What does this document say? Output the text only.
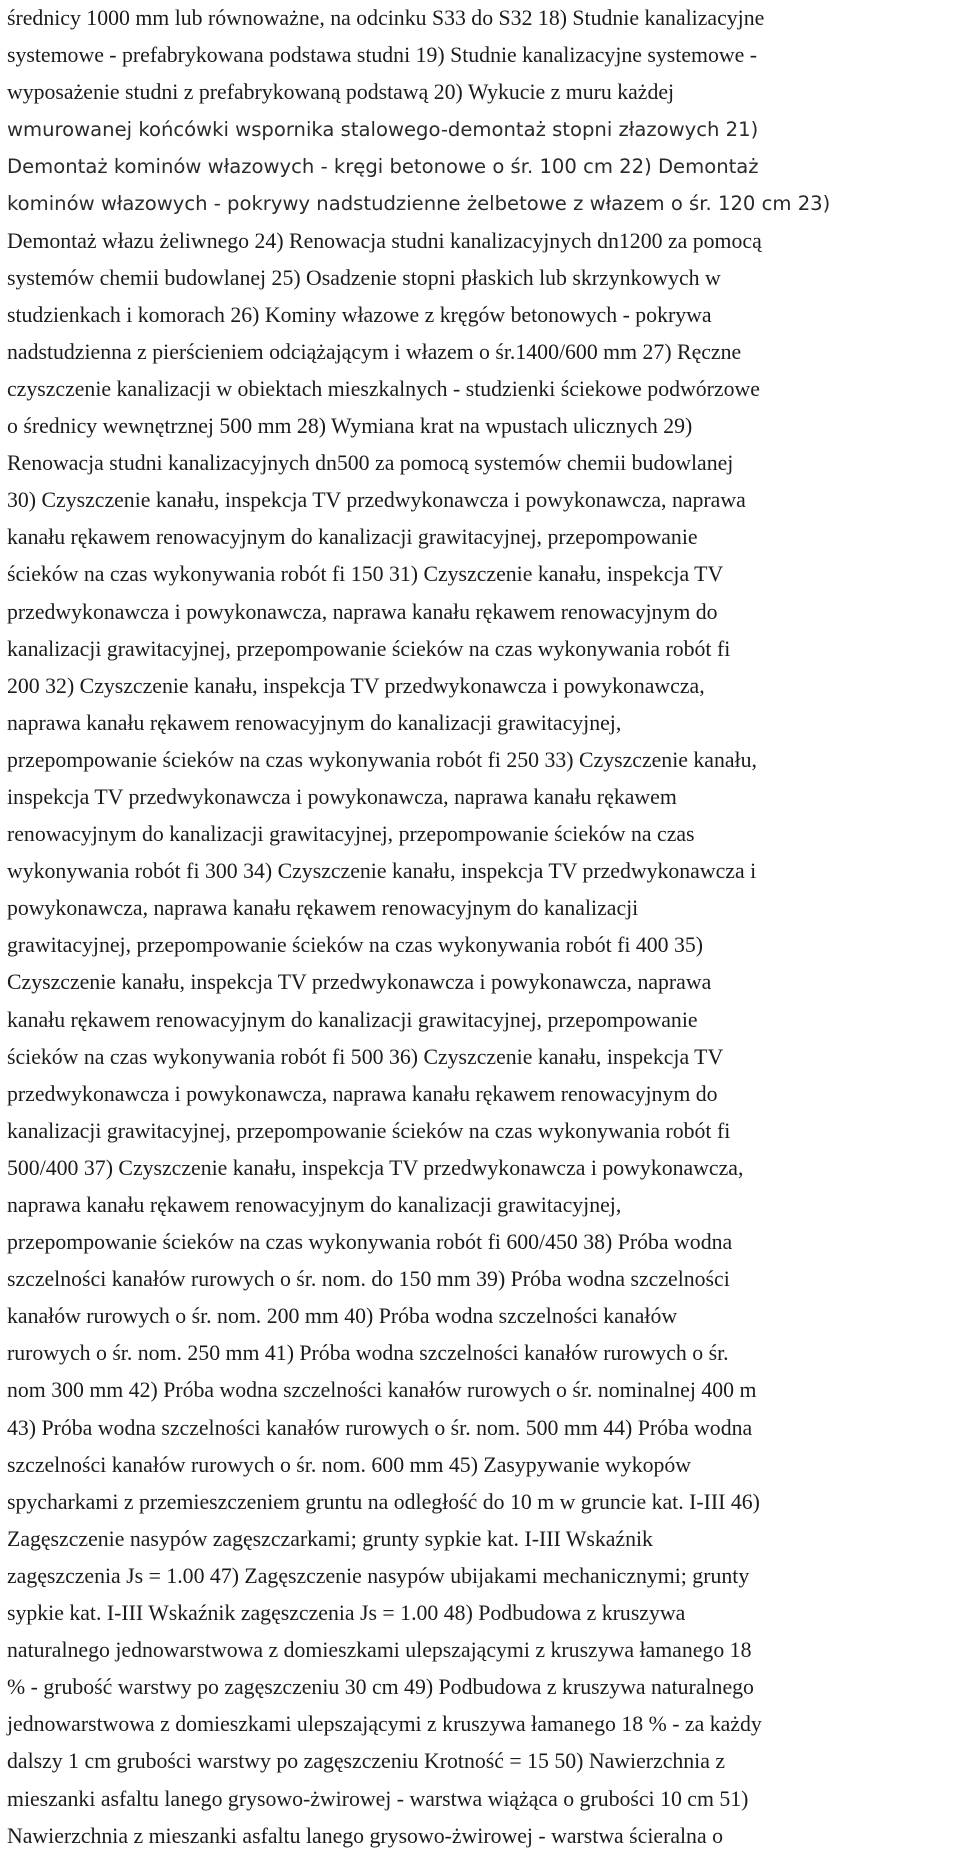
średnicy 1000 mm lub równoważne, na odcinku S33 do S32 18) Studnie kanalizacyjne
systemowe - prefabrykowana podstawa studni 19) Studnie kanalizacyjne systemowe -
wyposażenie studni z prefabrykowaną podstawą 20) Wykucie z muru każdej
wmurowanej końcówki wspornika stalowego-demontaż stopni złazowych 21)
Demontaż kominów włazowych - kręgi betonowe o śr. 100 cm 22) Demontaż
kominów włazowych - pokrywy nadstudzienne żelbetowe z włazem o śr. 120 cm 23)
Demontaż włazu żeliwnego 24) Renowacja studni kanalizacyjnych dn1200 za pomocą
systemów chemii budowlanej 25) Osadzenie stopni płaskich lub skrzynkowych w
studzienkach i komorach 26) Kominy włazowe z kręgów betonowych - pokrywa
nadstudzienna z pierścieniem odciążającym i włazem o śr.1400/600 mm 27) Ręczne
czyszczenie kanalizacji w obiektach mieszkalnych - studzienki ściekowe podwórzowe
o średnicy wewnętrznej 500 mm 28) Wymiana krat na wpustach ulicznych 29)
Renowacja studni kanalizacyjnych dn500 za pomocą systemów chemii budowlanej
30) Czyszczenie kanału, inspekcja TV przedwykonawcza i powykonawcza, naprawa
kanału rękawem renowacyjnym do kanalizacji grawitacyjnej, przepompowanie
ścieków na czas wykonywania robót fi 150 31) Czyszczenie kanału, inspekcja TV
przedwykonawcza i powykonawcza, naprawa kanału rękawem renowacyjnym do
kanalizacji grawitacyjnej, przepompowanie ścieków na czas wykonywania robót fi
200 32) Czyszczenie kanału, inspekcja TV przedwykonawcza i powykonawcza,
naprawa kanału rękawem renowacyjnym do kanalizacji grawitacyjnej,
przepompowanie ścieków na czas wykonywania robót fi 250 33) Czyszczenie kanału,
inspekcja TV przedwykonawcza i powykonawcza, naprawa kanału rękawem
renowacyjnym do kanalizacji grawitacyjnej, przepompowanie ścieków na czas
wykonywania robót fi 300 34) Czyszczenie kanału, inspekcja TV przedwykonawcza i
powykonawcza, naprawa kanału rękawem renowacyjnym do kanalizacji
grawitacyjnej, przepompowanie ścieków na czas wykonywania robót fi 400 35)
Czyszczenie kanału, inspekcja TV przedwykonawcza i powykonawcza, naprawa
kanału rękawem renowacyjnym do kanalizacji grawitacyjnej, przepompowanie
ścieków na czas wykonywania robót fi 500 36) Czyszczenie kanału, inspekcja TV
przedwykonawcza i powykonawcza, naprawa kanału rękawem renowacyjnym do
kanalizacji grawitacyjnej, przepompowanie ścieków na czas wykonywania robót fi
500/400 37) Czyszczenie kanału, inspekcja TV przedwykonawcza i powykonawcza,
naprawa kanału rękawem renowacyjnym do kanalizacji grawitacyjnej,
przepompowanie ścieków na czas wykonywania robót fi 600/450 38) Próba wodna
szczelności kanałów rurowych o śr. nom. do 150 mm 39) Próba wodna szczelności
kanałów rurowych o śr. nom. 200 mm 40) Próba wodna szczelności kanałów
rurowych o śr. nom. 250 mm 41) Próba wodna szczelności kanałów rurowych o śr.
nom 300 mm 42) Próba wodna szczelności kanałów rurowych o śr. nominalnej 400 m
43) Próba wodna szczelności kanałów rurowych o śr. nom. 500 mm 44) Próba wodna
szczelności kanałów rurowych o śr. nom. 600 mm 45) Zasypywanie wykopów
spycharkami z przemieszczeniem gruntu na odległość do 10 m w gruncie kat. I-III 46)
Zagęszczenie nasypów zagęszczarkami; grunty sypkie kat. I-III Wskaźnik
zagęszczenia Js = 1.00 47) Zagęszczenie nasypów ubijakami mechanicznymi; grunty
sypkie kat. I-III Wskaźnik zagęszczenia Js = 1.00 48) Podbudowa z kruszywa
naturalnego jednowarstwowa z domieszkami ulepszającymi z kruszywa łamanego 18
% - grubość warstwy po zagęszczeniu 30 cm 49) Podbudowa z kruszywa naturalnego
jednowarstwowa z domieszkami ulepszającymi z kruszywa łamanego 18 % - za każdy
dalszy 1 cm grubości warstwy po zagęszczeniu Krotność = 15 50) Nawierzchnia z
mieszanki asfaltu lanego grysowo-żwirowej - warstwa wiążąca o grubości 10 cm 51)
Nawierzchnia z mieszanki asfaltu lanego grysowo-żwirowej - warstwa ścieralna o
